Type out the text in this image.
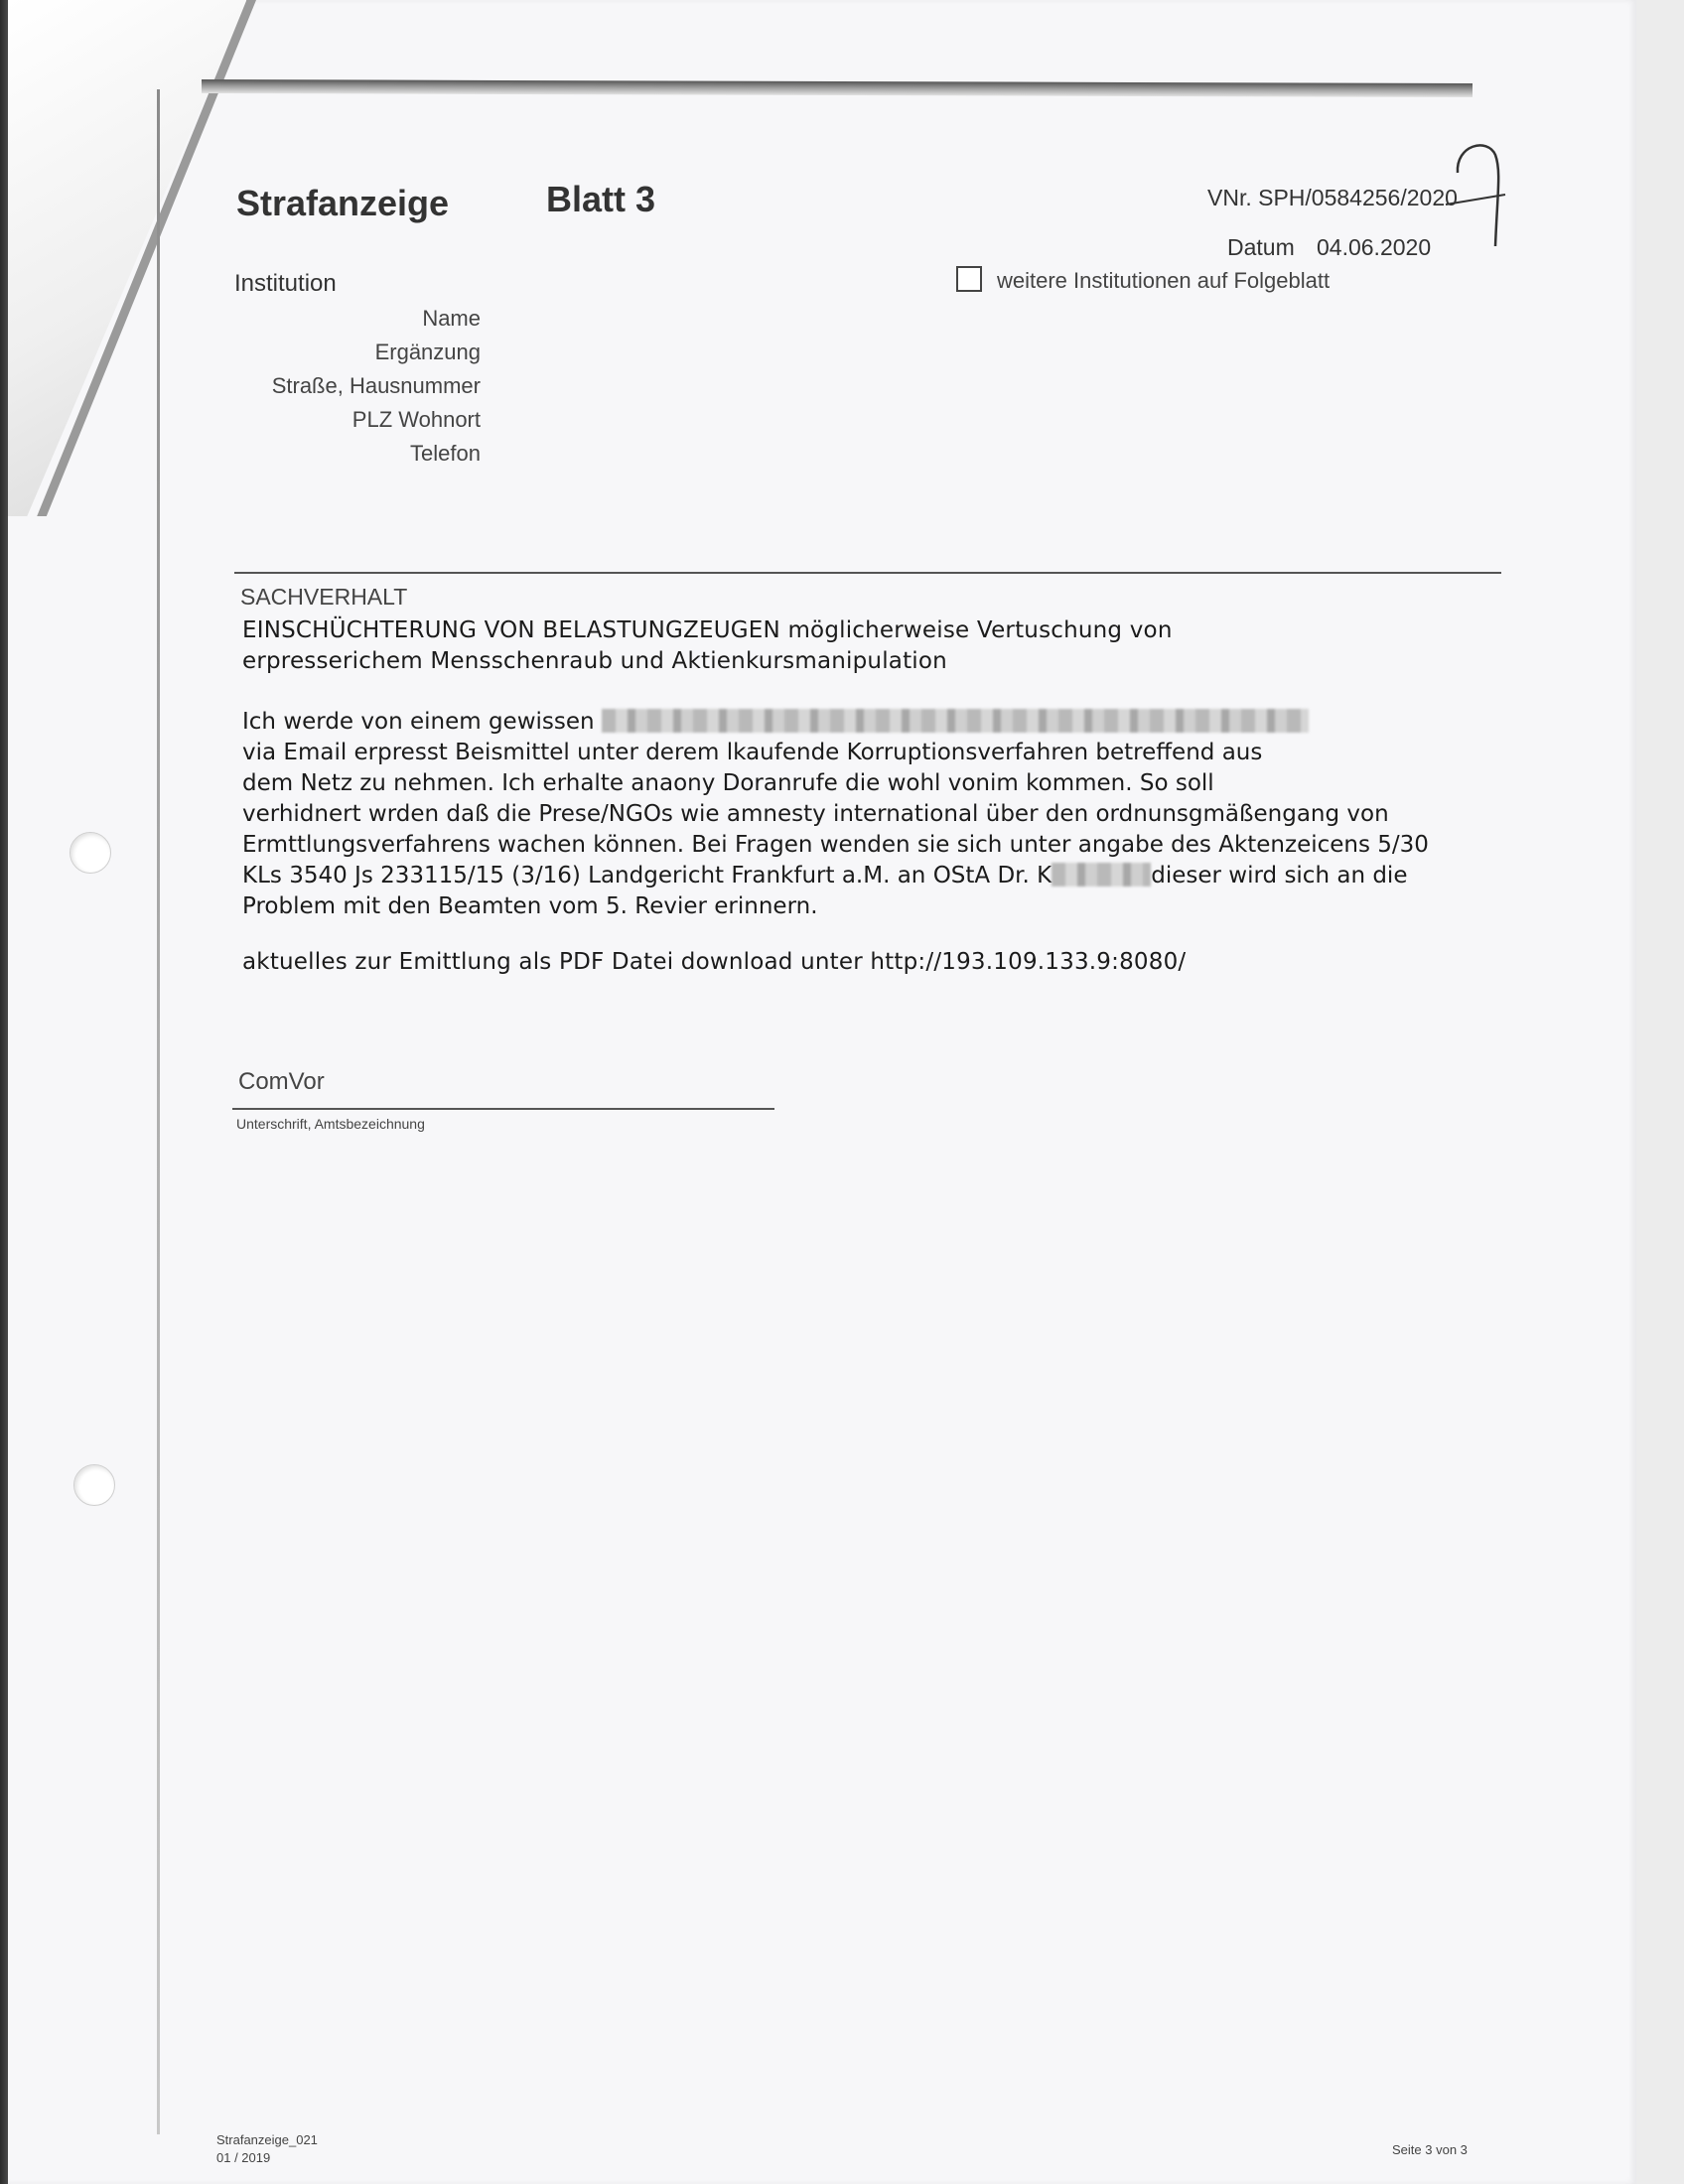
Strafanzeige	Blatt 3	VNr. SPH/0584256/2020
Datum 04.06.2020
weitere Institutionen auf Folgeblatt
Institution
Name
Ergänzung
Straße, Hausnummer
PLZ Wohnort
Telefon
SACHVERHALT
EINSCHÜCHTERUNG VON BELASTUNGZEUGEN möglicherweise Vertuschung von
erpresserichem Mensschenraub und Aktienkursmanipulation

Ich werde von einem gewissen

via Email erpresst Beismittel unter derem lkaufende Korruptionsverfahren betreffend aus

dem Netz zu nehmen. Ich erhalte anaony Doranrufe die wohl vonim kommen. So soll

verhidnert wrden daß die Prese/NGOs wie amnesty international über den ordnunsgmäßengang von

Ermttlungsverfahrens wachen können. Bei Fragen wenden sie sich unter angabe des Aktenzeicens 5/30

KLs 3540 Js 233115/15 (3/16) Landgericht Frankfurt a.M. an OStA Dr. K	dieser wird sich an die

Problem mit den Beamten vom 5. Revier erinnern.

aktuelles zur Emittlung als PDF Datei download unter http://193.109.133.9:8080/
ComVor
Unterschrift, Amtsbezeichnung
Strafanzeige_021
01 / 2019
Seite 3 von 3
